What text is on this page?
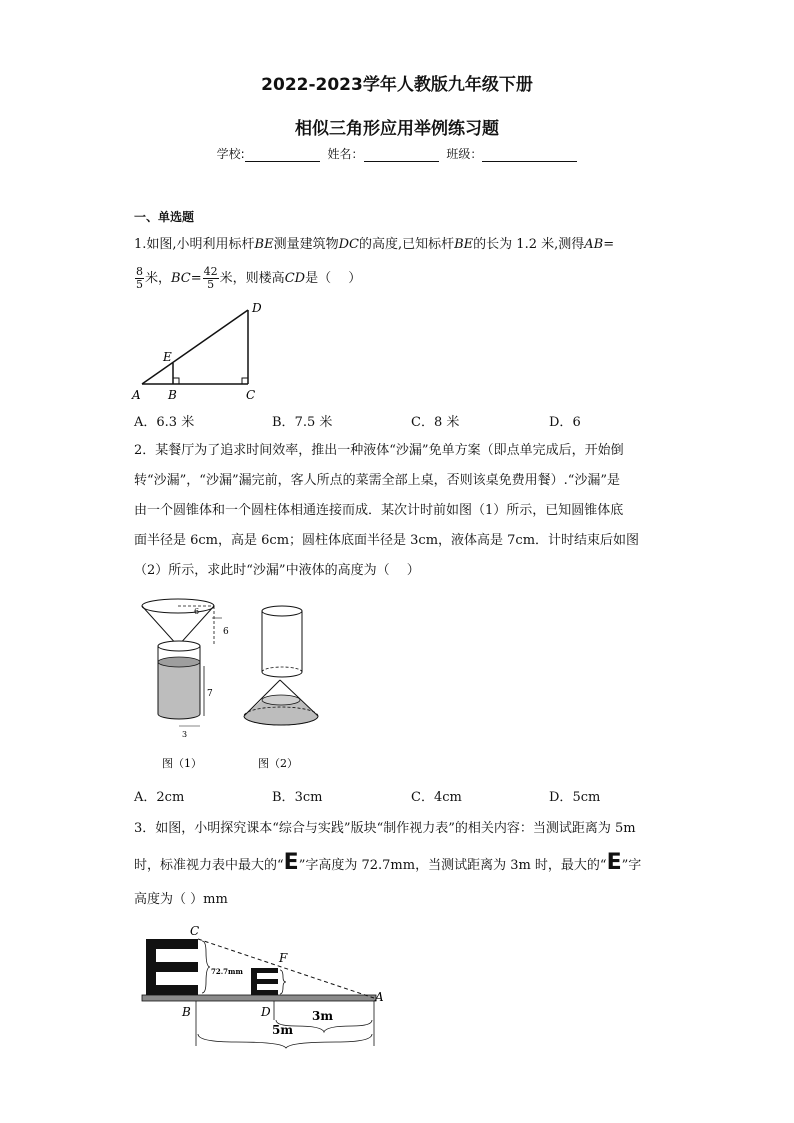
2022-2023学年人教版九年级下册
相似三角形应用举例练习题
学校:	姓名：	班级：
一、单选题
1.如图,小明利用标杆BE测量建筑物DC的高度,已知标杆BE的长为 1.2 米,测得AB=
$\frac{8}{5}$ 米，$BC= \frac{42}{5}$ 米，则楼高CD是（　 ）
D
E
A B	C
A．6.3 米	B．7.5 米	C．8 米	D．6
2．某餐厅为了追求时间效率，推出一种液体“沙漏”免单方案（即点单完成后，开始倒
转“沙漏”，“沙漏”漏完前，客人所点的菜需全部上桌，否则该桌免费用餐）.“沙漏”是
由一个圆锥体和一个圆柱体相通连接而成．某次计时前如图（1）所示，已知圆锥体底
面半径是 6cm，高是 6cm；圆柱体底面半径是 3cm，液体高是 7cm．计时结束后如图
（2）所示，求此时“沙漏”中液体的高度为（　 ）
6
6
7
3
图（1）	图（2）
A．2cm	B．3cm	C．4cm	D．5cm
3．如图，小明探究课本“综合与实践”版块“制作视力表”的相关内容：当测试距离为 5m
时，标准视力表中最大的“E”字高度为 72.7mm，当测试距离为 3m 时，最大的“E”字
高度为（ ）mm
72.7mm
3m
5m
C
F
A
B	D
